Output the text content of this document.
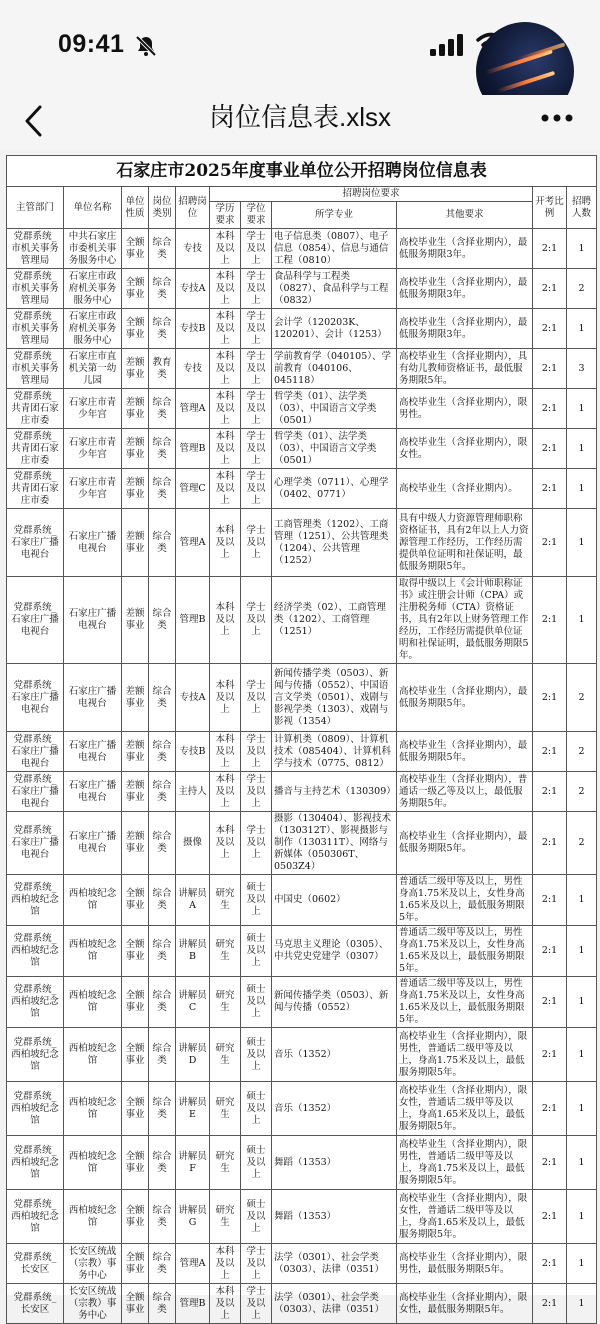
09:41
岗位信息表.xlsx
石家庄市2025年度事业单位公开招聘岗位信息表										
主管部门	单位名称	单位性质	岗位类别	招聘岗位	招聘岗位要求				开考比例	招聘人数
					学历要求	学位要求	所学专业	其他要求		
党群系统_市机关事务管理局	中共石家庄市委机关事务服务中心	全额事业	综合类	专技	本科及以上	学士及以上	电子信息类（0807）、电子信息（0854）、信息与通信工程（0810）	高校毕业生（含择业期内），最低服务期限3年。	2:1	1
党群系统_市机关事务管理局	石家庄市政府机关事务服务中心	全额事业	综合类	专技A	本科及以上	学士及以上	食品科学与工程类（0827）、食品科学与工程（0832）	高校毕业生（含择业期内），最低服务期限3年。	2:1	2
党群系统_市机关事务管理局	石家庄市政府机关事务服务中心	全额事业	综合类	专技B	本科及以上	学士及以上	会计学（120203K、120201）、会计（1253）	高校毕业生（含择业期内），最低服务期限3年。	2:1	1
党群系统_市机关事务管理局	石家庄市直机关第一幼儿园	差额事业	教育类	专技	本科及以上	学士及以上	学前教育学（040105）、学前教育（040106、045118）	高校毕业生（含择业期内），具有幼儿教师资格证书，最低服务期限5年。	2:1	3
党群系统_共青团石家庄市委	石家庄市青少年宫	差额事业	综合类	管理A	本科及以上	学士及以上	哲学类（01）、法学类（03）、中国语言文学类（0501）	高校毕业生（含择业期内），限男性。	2:1	1
党群系统_共青团石家庄市委	石家庄市青少年宫	差额事业	综合类	管理B	本科及以上	学士及以上	哲学类（01）、法学类（03）、中国语言文学类（0501）	高校毕业生（含择业期内），限女性。	2:1	1
党群系统_共青团石家庄市委	石家庄市青少年宫	差额事业	综合类	管理C	本科及以上	学士及以上	心理学类（0711）、心理学（0402、0771）	高校毕业生（含择业期内）。	2:1	1
党群系统_石家庄广播电视台	石家庄广播电视台	差额事业	综合类	管理A	本科及以上	学士及以上	工商管理类（1202）、工商管理（1251）、公共管理类（1204）、公共管理（1252）	具有中级人力资源管理师职称资格证书，具有2年以上人力资源管理工作经历，工作经历需提供单位证明和社保证明，最低服务期限5年。	2:1	1
党群系统_石家庄广播电视台	石家庄广播电视台	差额事业	综合类	管理B	本科及以上	学士及以上	经济学类（02）、工商管理类（1202）、工商管理（1251）	取得中级以上《会计师职称证书》或注册会计师（CPA）或注册税务师（CTA）资格证书，具有2年以上财务管理工作经历，工作经历需提供单位证明和社保证明，最低服务期限5年。	2:1	1
党群系统_石家庄广播电视台	石家庄广播电视台	差额事业	综合类	专技A	本科及以上	学士及以上	新闻传播学类（0503）、新闻与传播（0552）、中国语言文学类（0501）、戏剧与影视学类（1303）、戏剧与影视（1354）	高校毕业生（含择业期内），最低服务期限5年。	2:1	2
党群系统_石家庄广播电视台	石家庄广播电视台	差额事业	综合类	专技B	本科及以上	学士及以上	计算机类（0809）、计算机技术（085404）、计算机科学与技术（0775、0812）	高校毕业生（含择业期内），最低服务期限5年。	2:1	2
党群系统_石家庄广播电视台	石家庄广播电视台	差额事业	综合类	主持人	本科及以上	学士及以上	播音与主持艺术（130309）	高校毕业生（含择业期内），普通话一级乙等及以上，最低服务期限5年。	2:1	2
党群系统_石家庄广播电视台	石家庄广播电视台	差额事业	综合类	摄像	本科及以上	学士及以上	摄影（130404）、影视技术（130312T）、影视摄影与制作（130311T）、网络与新媒体（050306T、0503Z4）	高校毕业生（含择业期内），最低服务期限5年。	2:1	2
党群系统_西柏坡纪念馆	西柏坡纪念馆	全额事业	综合类	讲解员A	研究生	硕士及以上	中国史（0602）	普通话二级甲等及以上，男性身高1.75米及以上，女性身高1.65米及以上，最低服务期限5年。	2:1	1
党群系统_西柏坡纪念馆	西柏坡纪念馆	全额事业	综合类	讲解员B	研究生	硕士及以上	马克思主义理论（0305）、中共党史党建学（0307）	普通话二级甲等及以上，男性身高1.75米及以上，女性身高1.65米及以上，最低服务期限5年。	2:1	1
党群系统_西柏坡纪念馆	西柏坡纪念馆	全额事业	综合类	讲解员C	研究生	硕士及以上	新闻传播学类（0503）、新闻与传播（0552）	普通话二级甲等及以上，男性身高1.75米及以上，女性身高1.65米及以上，最低服务期限5年。	2:1	1
党群系统_西柏坡纪念馆	西柏坡纪念馆	全额事业	综合类	讲解员D	研究生	硕士及以上	音乐（1352）	高校毕业生（含择业期内），限男性，普通话二级甲等及以上，身高1.75米及以上，最低服务期限5年。	2:1	1
党群系统_西柏坡纪念馆	西柏坡纪念馆	全额事业	综合类	讲解员E	研究生	硕士及以上	音乐（1352）	高校毕业生（含择业期内），限女性，普通话二级甲等及以上，身高1.65米及以上，最低服务期限5年。	2:1	1
党群系统_西柏坡纪念馆	西柏坡纪念馆	全额事业	综合类	讲解员F	研究生	硕士及以上	舞蹈（1353）	高校毕业生（含择业期内），限男性，普通话二级甲等及以上，身高1.75米及以上，最低服务期限5年。	2:1	1
党群系统_西柏坡纪念馆	西柏坡纪念馆	全额事业	综合类	讲解员G	研究生	硕士及以上	舞蹈（1353）	高校毕业生（含择业期内），限女性，普通话二级甲等及以上，身高1.65米及以上，最低服务期限5年。	2:1	1
党群系统_长安区	长安区统战（宗教）事务中心	全额事业	综合类	管理A	本科及以上	学士及以上	法学（0301）、社会学类（0303）、法律（0351）	高校毕业生（含择业期内），限男性，最低服务期限5年。	2:1	1
党群系统_长安区	长安区统战（宗教）事务中心	全额事业	综合类	管理B	本科及以上	学士及以上	法学（0301）、社会学类（0303）、法律（0351）	高校毕业生（含择业期内），限女性，最低服务期限5年。	2:1	1
